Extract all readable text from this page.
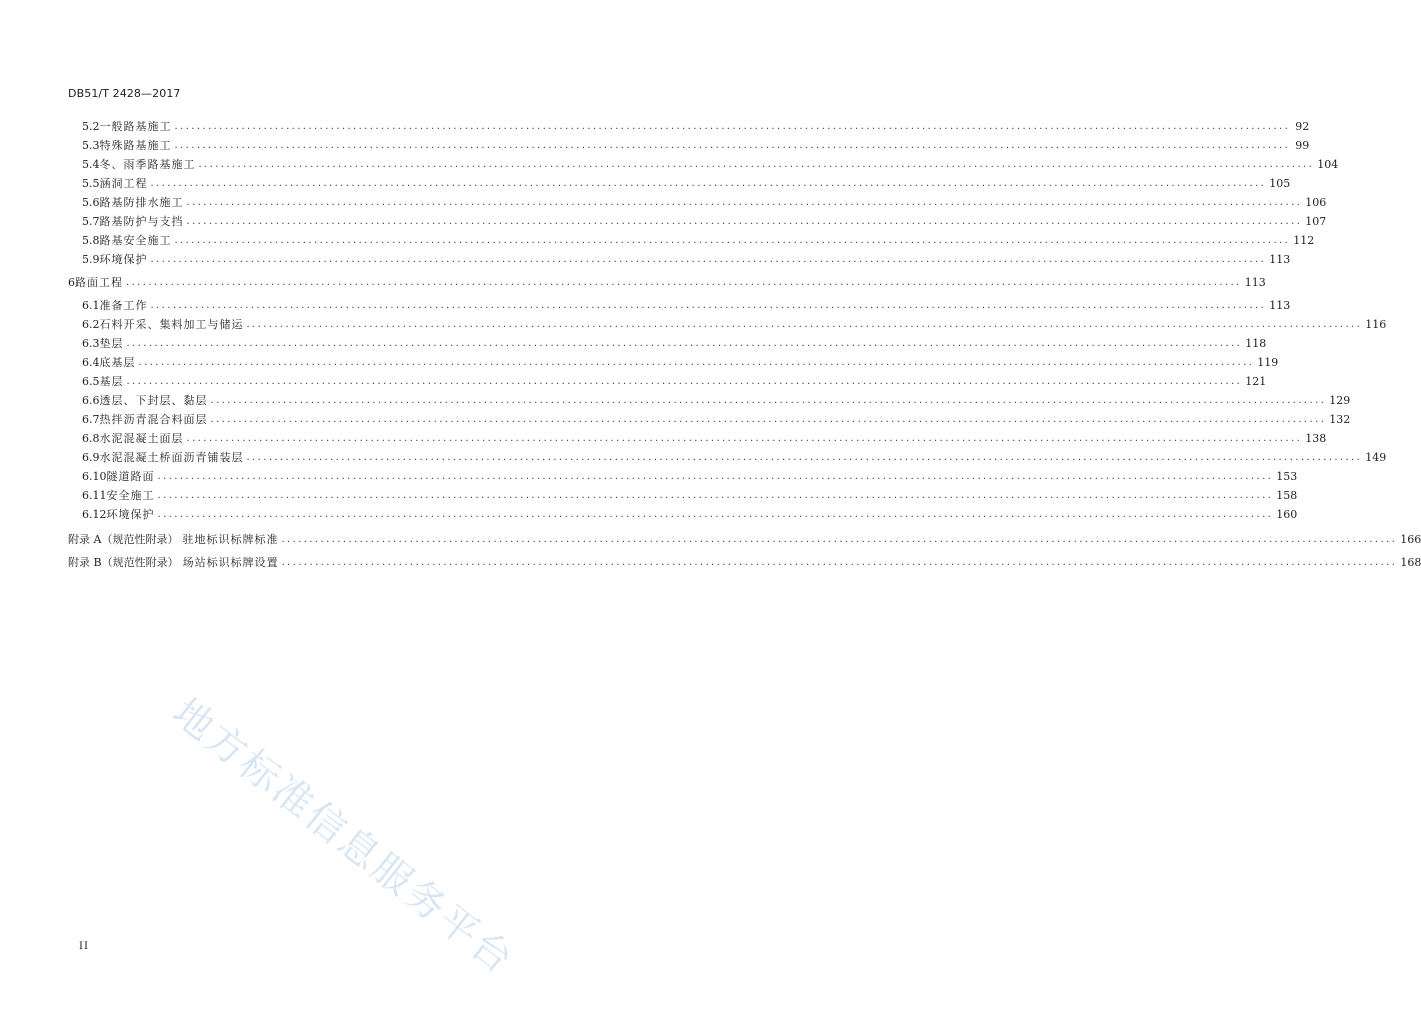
DB51/T 2428—2017
5.2 一般路基施工 ........................................................................................................................................................................................................ 92
5.3 特殊路基施工 ........................................................................................................................................................................................................ 99
5.4 冬、雨季路基施工 ........................................................................................................................................................................................................ 104
5.5 涵洞工程 ........................................................................................................................................................................................................ 105
5.6 路基防排水施工 ........................................................................................................................................................................................................ 106
5.7 路基防护与支挡 ........................................................................................................................................................................................................ 107
5.8 路基安全施工 ........................................................................................................................................................................................................ 112
5.9 环境保护 ........................................................................................................................................................................................................ 113
6 路面工程 ........................................................................................................................................................................................................ 113
6.1 准备工作 ........................................................................................................................................................................................................ 113
6.2 石料开采、集料加工与储运 ........................................................................................................................................................................................................ 116
6.3 垫层 ........................................................................................................................................................................................................ 118
6.4 底基层 ........................................................................................................................................................................................................ 119
6.5 基层 ........................................................................................................................................................................................................ 121
6.6 透层、下封层、黏层 ........................................................................................................................................................................................................ 129
6.7 热拌沥青混合料面层 ........................................................................................................................................................................................................ 132
6.8 水泥混凝土面层 ........................................................................................................................................................................................................ 138
6.9 水泥混凝土桥面沥青铺装层 ........................................................................................................................................................................................................ 149
6.10 隧道路面 ........................................................................................................................................................................................................ 153
6.11 安全施工 ........................................................................................................................................................................................................ 158
6.12 环境保护 ........................................................................................................................................................................................................ 160
附录 A（规范性附录） 驻地标识标牌标准 ........................................................................................................................................................................................................ 166
附录 B（规范性附录） 场站标识标牌设置 ........................................................................................................................................................................................................ 168
地方标准信息服务平台
II
